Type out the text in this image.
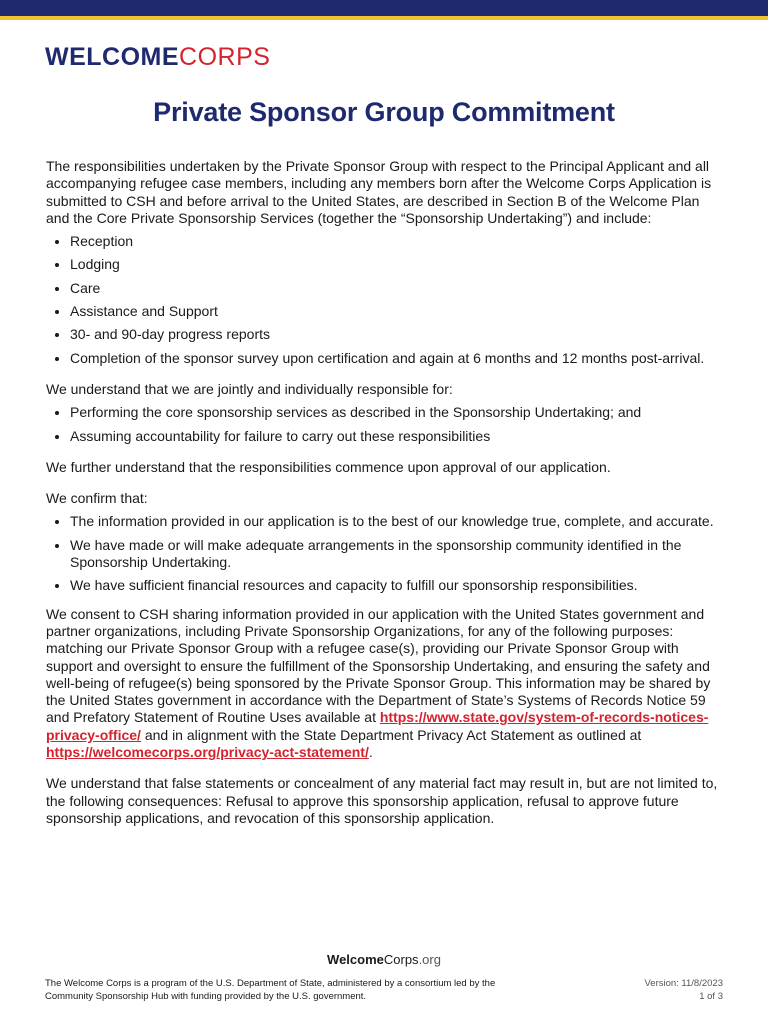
WELCOMECORPS
Private Sponsor Group Commitment

The responsibilities undertaken by the Private Sponsor Group with respect to the Principal Applicant and all accompanying refugee case members, including any members born after the Welcome Corps Application is submitted to CSH and before arrival to the United States, are described in Section B of the Welcome Plan and the Core Private Sponsorship Services (together the “Sponsorship Undertaking”) and include:

• Reception
• Lodging
• Care
• Assistance and Support
• 30- and 90-day progress reports
• Completion of the sponsor survey upon certification and again at 6 months and 12 months post-arrival.

We understand that we are jointly and individually responsible for:

• Performing the core sponsorship services as described in the Sponsorship Undertaking; and
• Assuming accountability for failure to carry out these responsibilities

We further understand that the responsibilities commence upon approval of our application.

We confirm that:

• The information provided in our application is to the best of our knowledge true, complete, and accurate.
• We have made or will make adequate arrangements in the sponsorship community identified in the Sponsorship Undertaking.
• We have sufficient financial resources and capacity to fulfill our sponsorship responsibilities.

We consent to CSH sharing information provided in our application with the United States government and partner organizations, including Private Sponsorship Organizations, for any of the following purposes: matching our Private Sponsor Group with a refugee case(s), providing our Private Sponsor Group with support and oversight to ensure the fulfillment of the Sponsorship Undertaking, and ensuring the safety and well-being of refugee(s) being sponsored by the Private Sponsor Group. This information may be shared by the United States government in accordance with the Department of State’s Systems of Records Notice 59 and Prefatory Statement of Routine Uses available at https://www.state.gov/system-of-records-notices-privacy-office/ and in alignment with the State Department Privacy Act Statement as outlined at https://welcomecorps.org/privacy-act-statement/.

We understand that false statements or concealment of any material fact may result in, but are not limited to, the following consequences: Refusal to approve this sponsorship application, refusal to approve future sponsorship applications, and revocation of this sponsorship application.

WelcomeCorps.org
The Welcome Corps is a program of the U.S. Department of State, administered by a consortium led by the Community Sponsorship Hub with funding provided by the U.S. government.
Version: 11/8/2023
1 of 3
